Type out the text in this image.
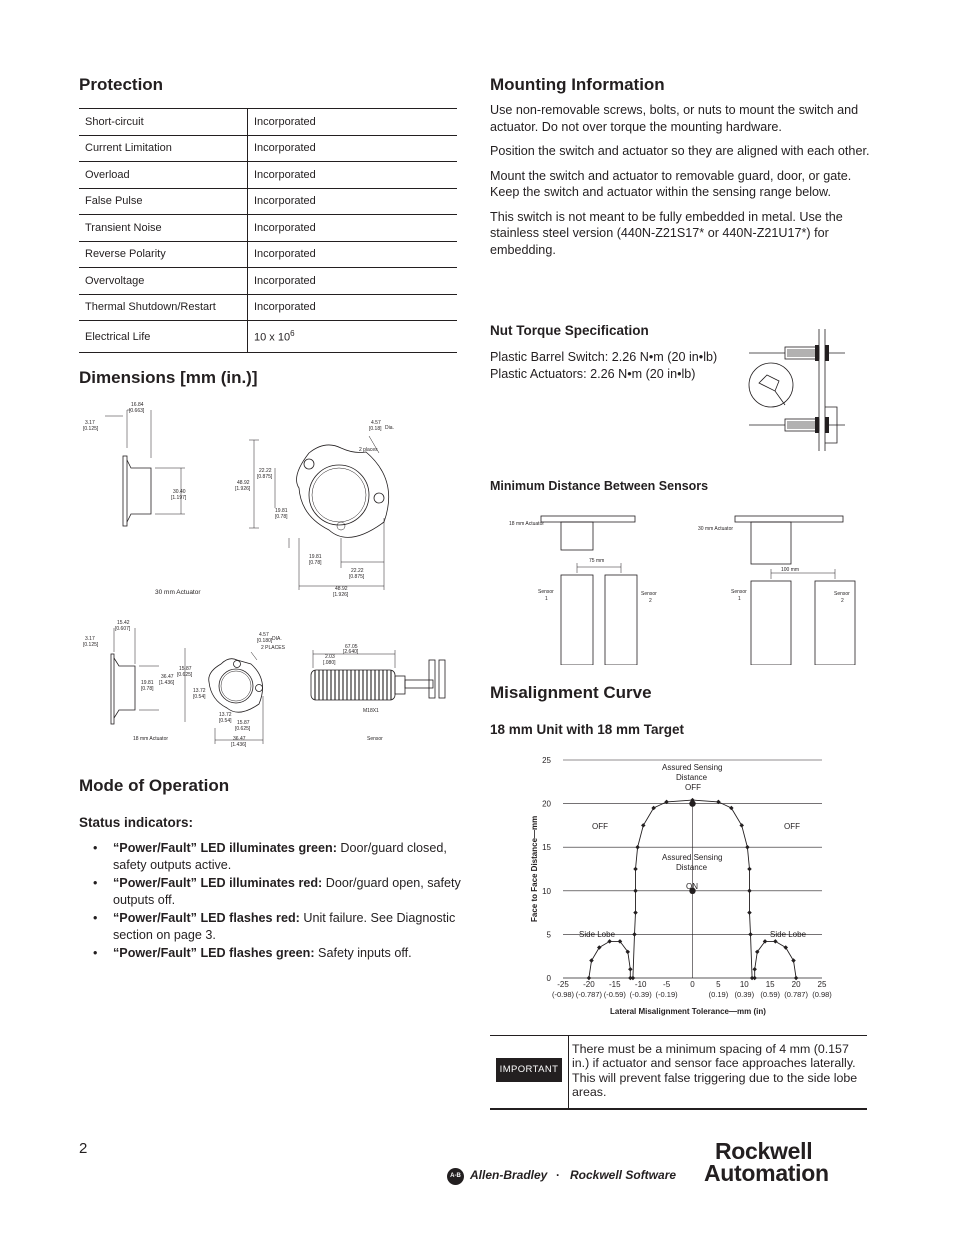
Protection
Short-circuit	Incorporated
Current Limitation	Incorporated
Overload	Incorporated
False Pulse	Incorporated
Transient Noise	Incorporated
Reverse Polarity	Incorporated
Overvoltage	Incorporated
Thermal Shutdown/Restart	Incorporated
Electrical Life	10 x $10^6$
Dimensions [mm (in.)]
16.84
[0.663]
3.17
[0.125]
30.40
[1.197]
4.57
[0.18] Dia.
2 places
48.92
[1.926]
22.22
[0.875]
19.81
[0.78]
19.81
[0.78]
22.22
[0.875]
48.92
[1.926]
30 mm Actuator
15.42
[0.607]
3.17
[0.125]
19.81
[0.78]
36.47
[1.436]
15.87
[0.625]
13.72
[0.54]
4.57
[0.180] DIA.
2 PLACES
13.72
[0.54] 15.87
[0.625]
36.47
[1.436]
67.05
[2.640]
2.03
[.080]
M18X1
18 mm Actuator	Sensor
Mode of Operation
Status indicators:
• “Power/Fault” LED illuminates green: Door/guard closed, safety outputs active.
• “Power/Fault” LED illuminates red: Door/guard open, safety outputs off.
• “Power/Fault” LED flashes red: Unit failure. See Diagnostic section on page 3.
• “Power/Fault” LED flashes green: Safety inputs off.
Mounting Information

Use non-removable screws, bolts, or nuts to mount the switch and actuator. Do not over torque the mounting hardware.

Position the switch and actuator so they are aligned with each other.

Mount the switch and actuator to removable guard, door, or gate. Keep the switch and actuator within the sensing range below.

This switch is not meant to be fully embedded in metal. Use the stainless steel version (440N-Z21S17* or 440N-Z21U17*) for embedding.

Nut Torque Specification

Plastic Barrel Switch: 2.26 N•m (20 in•lb)

Plastic Actuators: 2.26 N•m (20 in•lb)

Minimum Distance Between Sensors
18 mm Actuator
75 mm
Sensor
1
Sensor
2
30 mm Actuator
100 mm
Sensor
1
Sensor
2
Misalignment Curve
18 mm Unit with 18 mm Target
0
5
10
15
20
25
-25
(-0.98)
-20
(-0.787)
-15
(-0.59)
-10
(-0.39)
-5
(-0.19)
0	5
(0.19)
10
(0.39)
15
(0.59)
20
(0.787)
25
(0.98)
Face to Face Distance—mm
Lateral Misalignment Tolerance—mm (in)
Assured Sensing
Distance
OFF
OFF	OFF
Assured Sensing
Distance
ON
Side Lobe	Side Lobe
IMPORTANT

There must be a minimum spacing of 4 mm (0.157 in.) if actuator and sensor face approaches laterally. This will prevent false triggering due to the side lobe areas.

2
A-B Allen-Bradley · Rockwell Software
Rockwell
Automation
